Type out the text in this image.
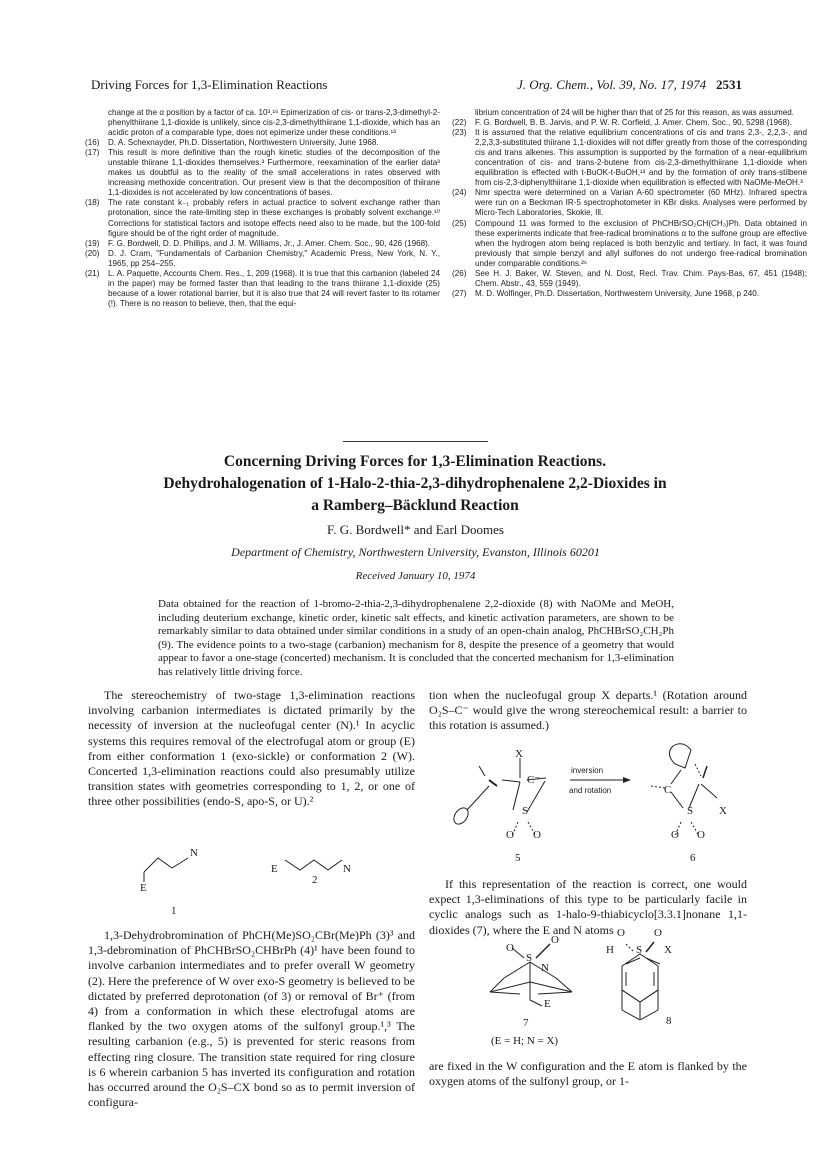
Driving Forces for 1,3-Elimination Reactions	J. Org. Chem., Vol. 39, No. 17, 1974 2531
change at the α position by a factor of ca. 10³.¹⁶ Epimerization of cis- or trans-2,3-dimethyl-2-phenylthiirane 1,1-dioxide is unlikely, since cis-2,3-dimethylthiirane 1,1-dioxide, which has an acidic proton of a comparable type, does not epimerize under these conditions.¹³
(16)	D. A. Schexnayder, Ph.D. Dissertation, Northwestern University, June 1968.
(17)	This result is more definitive than the rough kinetic studies of the decomposition of the unstable thiirane 1,1-dioxides themselves.³ Furthermore, reexamination of the earlier data³ makes us doubtful as to the reality of the small accelerations in rates observed with increasing methoxide concentration. Our present view is that the decomposition of thiirane 1,1-dioxides is not accelerated by low concentrations of bases.
(18)	The rate constant k₋₁ probably refers in actual practice to solvent exchange rather than protonation, since the rate-limiting step in these exchanges is probably solvent exchange.¹⁰ Corrections for statistical factors and isotope effects need also to be made, but the 100-fold figure should be of the right order of magnitude.
(19)	F. G. Bordwell, D. D. Phillips, and J. M. Williams, Jr., J. Amer. Chem. Soc., 90, 426 (1968).
(20)	D. J. Cram, "Fundamentals of Carbanion Chemistry," Academic Press, New York, N. Y., 1965, pp 254–255.
(21)	L. A. Paquette, Accounts Chem. Res., 1, 209 (1968). It is true that this carbanion (labeled 24 in the paper) may be formed faster than that leading to the trans thiirane 1,1-dioxide (25) because of a lower rotational barrier, but it is also true that 24 will revert faster to its rotamer (!). There is no reason to believe, then, that the equi-
librium concentration of 24 will be higher than that of 25 for this reason, as was assumed.
(22)	F. G. Bordwell, B. B. Jarvis, and P. W. R. Corfield, J. Amer. Chem. Soc., 90, 5298 (1968).
(23)	It is assumed that the relative equilibrium concentrations of cis and trans 2,3-, 2,2,3-, and 2,2,3,3-substituted thiirane 1,1-dioxides will not differ greatly from those of the corresponding cis and trans alkenes. This assumption is supported by the formation of a near-equilibrium concentration of cis- and trans-2-butene from cis-2,3-dimethylthiirane 1,1-dioxide when equilibration is effected with t-BuOK-t-BuOH,¹³ and by the formation of only trans-stilbene from cis-2,3-diphenylthiirane 1,1-dioxide when equilibration is effected with NaOMe-MeOH.³
(24)	Nmr spectra were determined on a Varian A-60 spectrometer (60 MHz). Infrared spectra were run on a Beckman IR-5 spectrophotometer in KBr disks. Analyses were performed by Micro-Tech Laboratories, Skokie, Ill.
(25)	Compound 11 was formed to the exclusion of PhCHBrSO₂CH(CH₃)Ph. Data obtained in these experiments indicate that free-radical brominations α to the sulfone group are effective when the hydrogen atom being replaced is both benzylic and tertiary. In fact, it was found previously that simple benzyl and allyl sulfones do not undergo free-radical bromination under comparable conditions.²⁶
(26)	See H. J. Baker, W. Steven, and N. Dost, Recl. Trav. Chim. Pays-Bas, 67, 451 (1948); Chem. Abstr., 43, 559 (1949).
(27)	M. D. Wolfinger, Ph.D. Dissertation, Northwestern University, June 1968, p 240.
Concerning Driving Forces for 1,3-Elimination Reactions.
Dehydrohalogenation of 1-Halo-2-thia-2,3-dihydrophenalene 2,2-Dioxides in
a Ramberg–Bäcklund Reaction
F. G. Bordwell* and Earl Doomes
Department of Chemistry, Northwestern University, Evanston, Illinois 60201
Received January 10, 1974
Data obtained for the reaction of 1-bromo-2-thia-2,3-dihydrophenalene 2,2-dioxide (8) with NaOMe and MeOH, including deuterium exchange, kinetic order, kinetic salt effects, and kinetic activation parameters, are shown to be remarkably similar to data obtained under similar conditions in a study of an open-chain analog, PhCHBrSO₂CH₂Ph (9). The evidence points to a two-stage (carbanion) mechanism for 8, despite the presence of a geometry that would appear to favor a one-stage (concerted) mechanism. It is concluded that the concerted mechanism for 1,3-elimination has relatively little driving force.
The stereochemistry of two-stage 1,3-elimination reactions involving carbanion intermediates is dictated primarily by the necessity of inversion at the nucleofugal center (N).¹ In acyclic systems this requires removal of the electrofugal atom or group (E) from either conformation 1 (exo-sickle) or conformation 2 (W). Concerted 1,3-elimination reactions could also presumably utilize transition states with geometries corresponding to 1, 2, or one of three other possibilities (endo-S, apo-S, or U).²
N
E
1
E	N
2
1,3-Dehydrobromination of PhCH(Me)SO₂CBr(Me)Ph (3)³ and 1,3-debromination of PhCHBrSO₂CHBrPh (4)¹ have been found to involve carbanion intermediates and to prefer overall W geometry (2). Here the preference of W over exo-S geometry is believed to be dictated by preferred deprotonation (of 3) or removal of Br⁺ (from 4) from a conformation in which these electrofugal atoms are flanked by the two oxygen atoms of the sulfonyl group.¹,³ The resulting carbanion (e.g., 5) is prevented for steric reasons from effecting ring closure. The transition state required for ring closure is 6 wherein carbanion 5 has inverted its configuration and rotation has occurred around the O₂S–CX bond so as to permit inversion of configura-
tion when the nucleofugal group X departs.¹ (Rotation around O₂S–C⁻ would give the wrong stereochemical result: a barrier to this rotation is assumed.)
X
C⁻
S
O O
5
inversion
and rotation	C
S X
O O
6
If this representation of the reaction is correct, one would expect 1,3-eliminations of this type to be particularly facile in cyclic analogs such as 1-halo-9-thiabicyclo[3.3.1]nonane 1,1-dioxides (7), where the E and N atoms
O
O
S
N
E
7
(E = H; N = X)
O	O
S
H	X
8
are fixed in the W configuration and the E atom is flanked by the oxygen atoms of the sulfonyl group, or 1-
